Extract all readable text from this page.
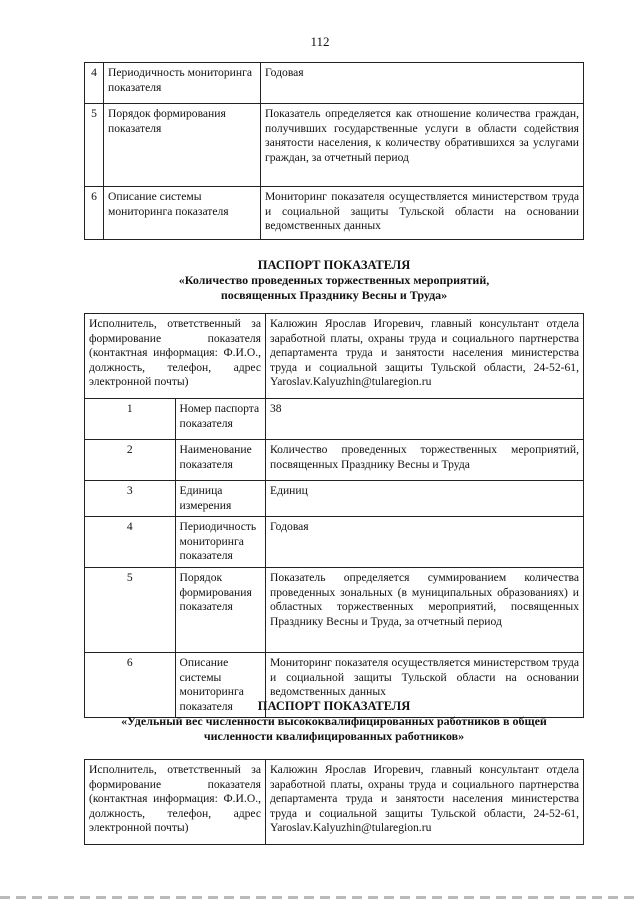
112
4	Периодичность мониторинга показателя	Годовая
5	Порядок формирования показателя	Показатель определяется как отношение количества граждан, получивших государственные услуги в области содействия занятости населения, к количеству обратившихся за услугами граждан, за отчетный период
6	Описание системы мониторинга показателя	Мониторинг показателя осуществляется министерством труда и социальной защиты Тульской области на основании ведомственных данных
ПАСПОРТ ПОКАЗАТЕЛЯ
«Количество проведенных торжественных мероприятий, посвященных Празднику Весны и Труда»
Исполнитель, ответственный за формирование показателя (контактная информация: Ф.И.О., должность, телефон, адрес электронной почты)		Калюжин Ярослав Игоревич, главный консультант отдела заработной платы, охраны труда и социального партнерства департамента труда и занятости населения министерства труда и социальной защиты Тульской области, 24-52-61, Yaroslav.Kalyuzhin@tularegion.ru
1	Номер паспорта показателя	38
2	Наименование показателя	Количество проведенных торжественных мероприятий, посвященных Празднику Весны и Труда
3	Единица измерения	Единиц
4	Периодичность мониторинга показателя	Годовая
5	Порядок формирования показателя	Показатель определяется суммированием количества проведенных зональных (в муниципальных образованиях) и областных торжественных мероприятий, посвященных Празднику Весны и Труда, за отчетный период
6	Описание системы мониторинга показателя	Мониторинг показателя осуществляется министерством труда и социальной защиты Тульской области на основании ведомственных данных
ПАСПОРТ ПОКАЗАТЕЛЯ
«Удельный вес численности высококвалифицированных работников в общей численности квалифицированных работников»
Исполнитель, ответственный за формирование показателя (контактная информация: Ф.И.О., должность, телефон, адрес электронной почты)	Калюжин Ярослав Игоревич, главный консультант отдела заработной платы, охраны труда и социального партнерства департамента труда и занятости населения министерства труда и социальной защиты Тульской области, 24-52-61, Yaroslav.Kalyuzhin@tularegion.ru
